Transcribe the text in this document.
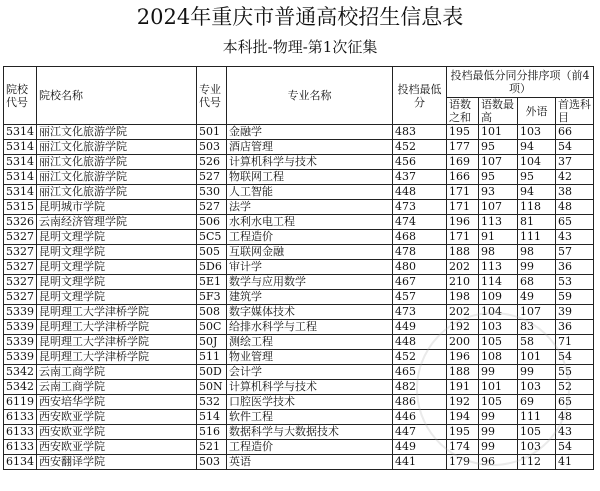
2024年重庆市普通高校招生信息表
本科批-物理-第1次征集
院校代号	院校名称	专业代号	专业名称	投档最低分	投档最低分同分排序项（前4项）			
					语数之和	语数最高	外语	首选科目
5314	丽江文化旅游学院	501	金融学	483	195	101	103	66
5314	丽江文化旅游学院	503	酒店管理	452	177	95	94	54
5314	丽江文化旅游学院	526	计算机科学与技术	456	169	107	104	37
5314	丽江文化旅游学院	527	物联网工程	437	166	95	95	42
5314	丽江文化旅游学院	530	人工智能	448	171	93	94	38
5315	昆明城市学院	527	法学	473	171	107	118	48
5326	云南经济管理学院	506	水利水电工程	474	196	113	81	65
5327	昆明文理学院	5C5	工程造价	468	171	91	111	43
5327	昆明文理学院	505	互联网金融	478	188	98	98	57
5327	昆明文理学院	5D6	审计学	480	202	113	99	36
5327	昆明文理学院	5E1	数学与应用数学	467	210	114	68	53
5327	昆明文理学院	5F3	建筑学	457	198	109	49	59
5339	昆明理工大学津桥学院	508	数字媒体技术	473	202	104	107	39
5339	昆明理工大学津桥学院	50C	给排水科学与工程	449	192	103	83	36
5339	昆明理工大学津桥学院	50J	测绘工程	448	200	105	58	71
5339	昆明理工大学津桥学院	511	物业管理	452	196	108	101	54
5342	云南工商学院	50D	会计学	465	188	99	99	55
5342	云南工商学院	50N	计算机科学与技术	482	191	101	103	52
6119	西安培华学院	532	口腔医学技术	486	192	105	69	65
6133	西安欧亚学院	514	软件工程	446	194	99	111	48
6133	西安欧亚学院	516	数据科学与大数据技术	447	195	99	105	43
6133	西安欧亚学院	521	工程造价	449	174	99	103	54
6134	西安翻译学院	503	英语	441	179	96	112	41
